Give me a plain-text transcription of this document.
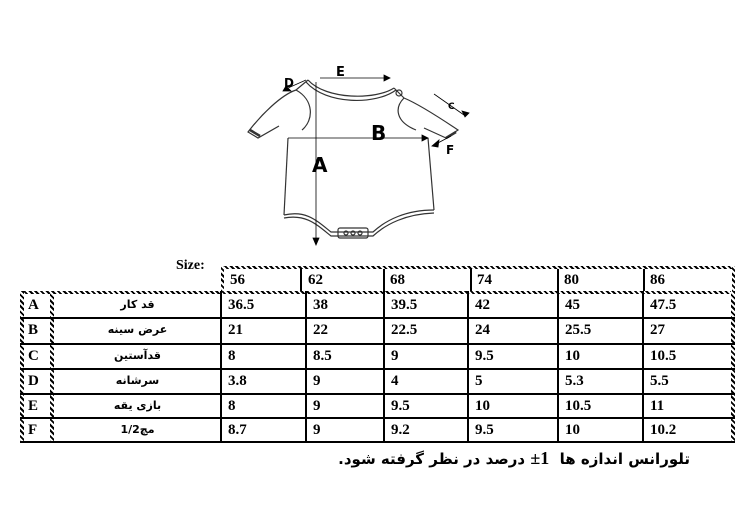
A
B
C
D
E
F
Size:
56	62	68	74	80	86
A	قد کار	36.5	38	39.5	42	45	47.5
B	عرض سینه	21	22	22.5	24	25.5	27
C	قدآستین	8	8.5	9	9.5	10	10.5
D	سرشانه	3.8	9	4	5	5.3	5.5
E	بازی یقه	8	9	9.5	10	10.5	11
F	مچ1/2	8.7	9	9.2	9.5	10	10.2
تلورانس اندازه ها  ±1 درصد در نظر گرفته شود.
